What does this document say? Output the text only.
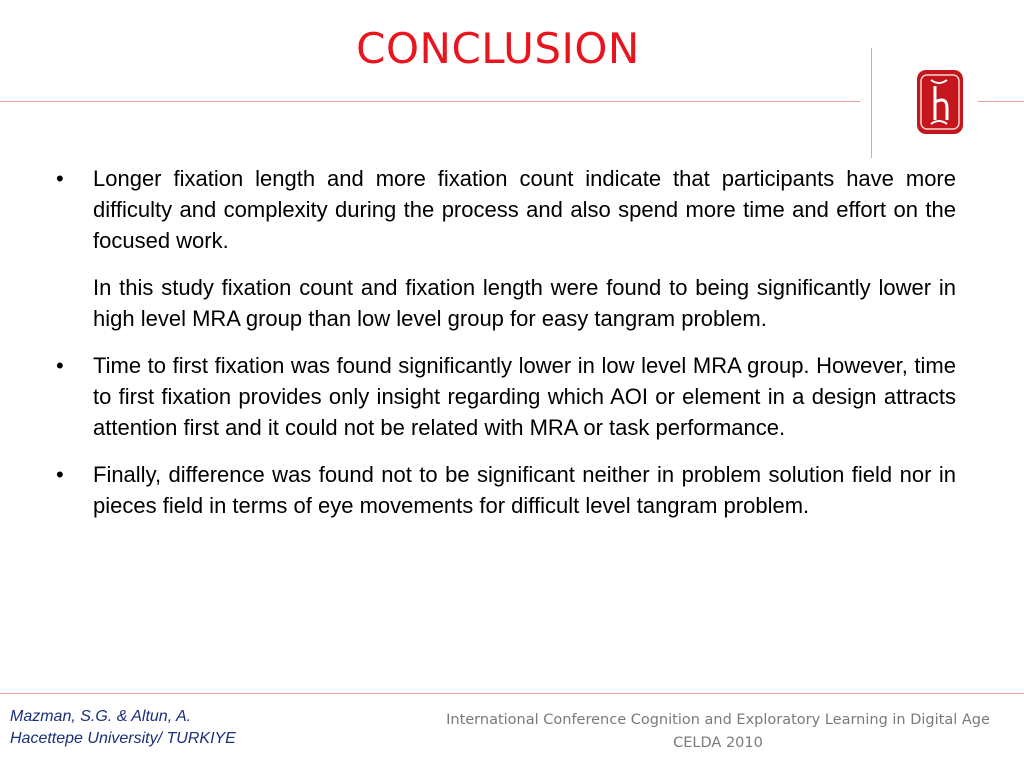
CONCLUSION
•	Longer fixation length and more fixation count indicate that participants have more difficulty and complexity during the process and also spend more time and effort on the focused work.
In this study fixation count and fixation length were found to being significantly lower in high level MRA group than low level group for easy tangram problem.
•	Time to first fixation was found significantly lower in low level MRA group. However, time to first fixation provides only insight regarding which AOI or element in a design attracts attention first and it could not be related with MRA or task performance.
•	Finally, difference was found not to be significant neither in problem solution field nor in pieces field in terms of eye movements for difficult level tangram problem.
Mazman, S.G. & Altun, A.
Hacettepe University/ TURKIYE
International Conference Cognition and Exploratory Learning in Digital Age
CELDA 2010
